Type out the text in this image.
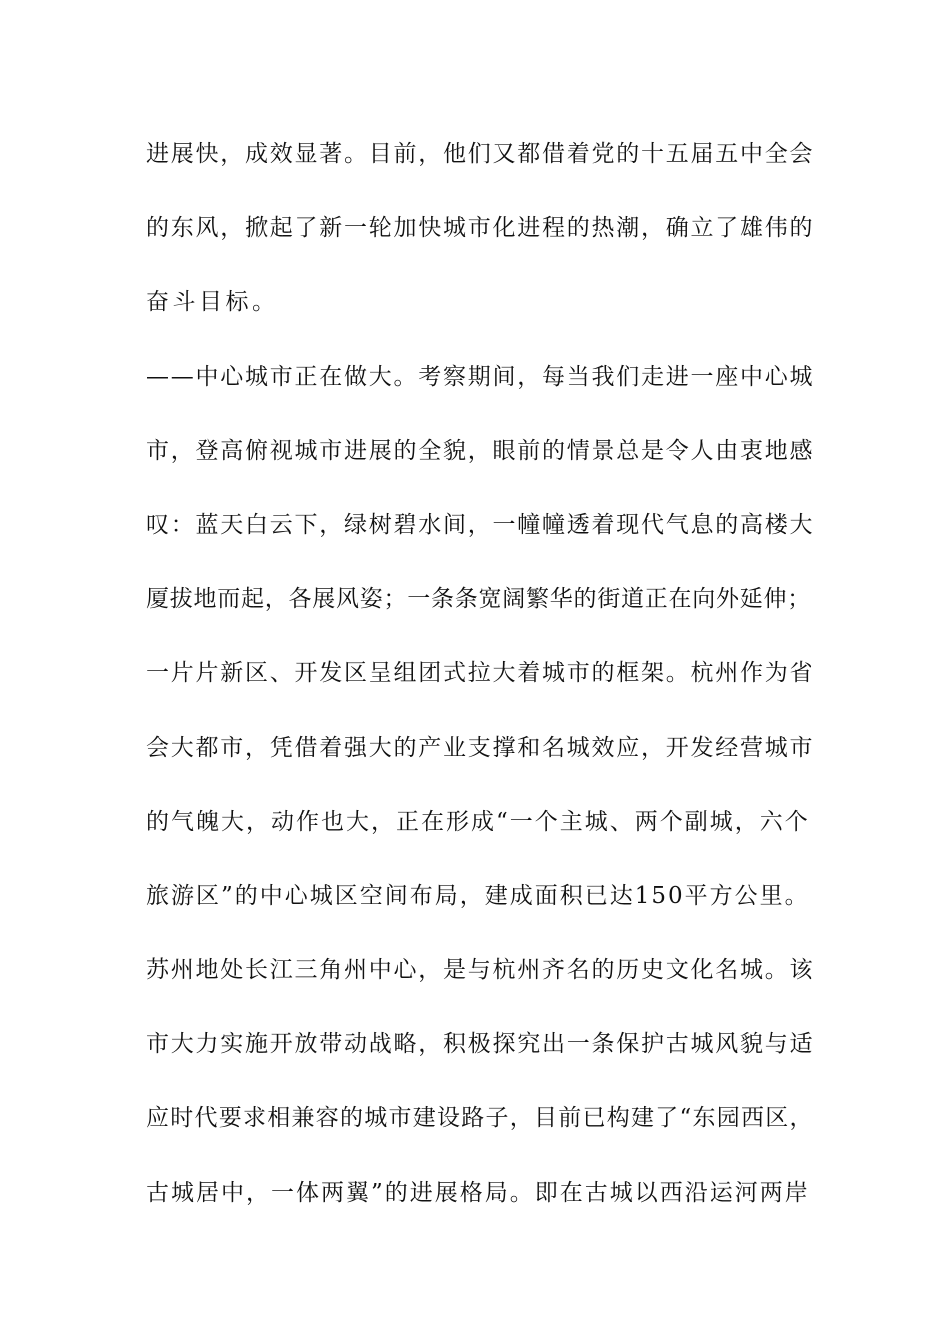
进展快，成效显著。目前，他们又都借着党的十五届五中全会
的东风，掀起了新一轮加快城市化进程的热潮，确立了雄伟的
奋斗目标。
——中心城市正在做大。考察期间，每当我们走进一座中心城
市，登高俯视城市进展的全貌，眼前的情景总是令人由衷地感
叹：蓝天白云下，绿树碧水间，一幢幢透着现代气息的高楼大
厦拔地而起，各展风姿；一条条宽阔繁华的街道正在向外延伸；
一片片新区、开发区呈组团式拉大着城市的框架。杭州作为省
会大都市，凭借着强大的产业支撑和名城效应，开发经营城市
的气魄大，动作也大，正在形成“一个主城、两个副城，六个
旅游区”的中心城区空间布局，建成面积已达150平方公里。
苏州地处长江三角州中心，是与杭州齐名的历史文化名城。该
市大力实施开放带动战略，积极探究出一条保护古城风貌与适
应时代要求相兼容的城市建设路子，目前已构建了“东园西区，
古城居中，一体两翼”的进展格局。即在古城以西沿运河两岸
